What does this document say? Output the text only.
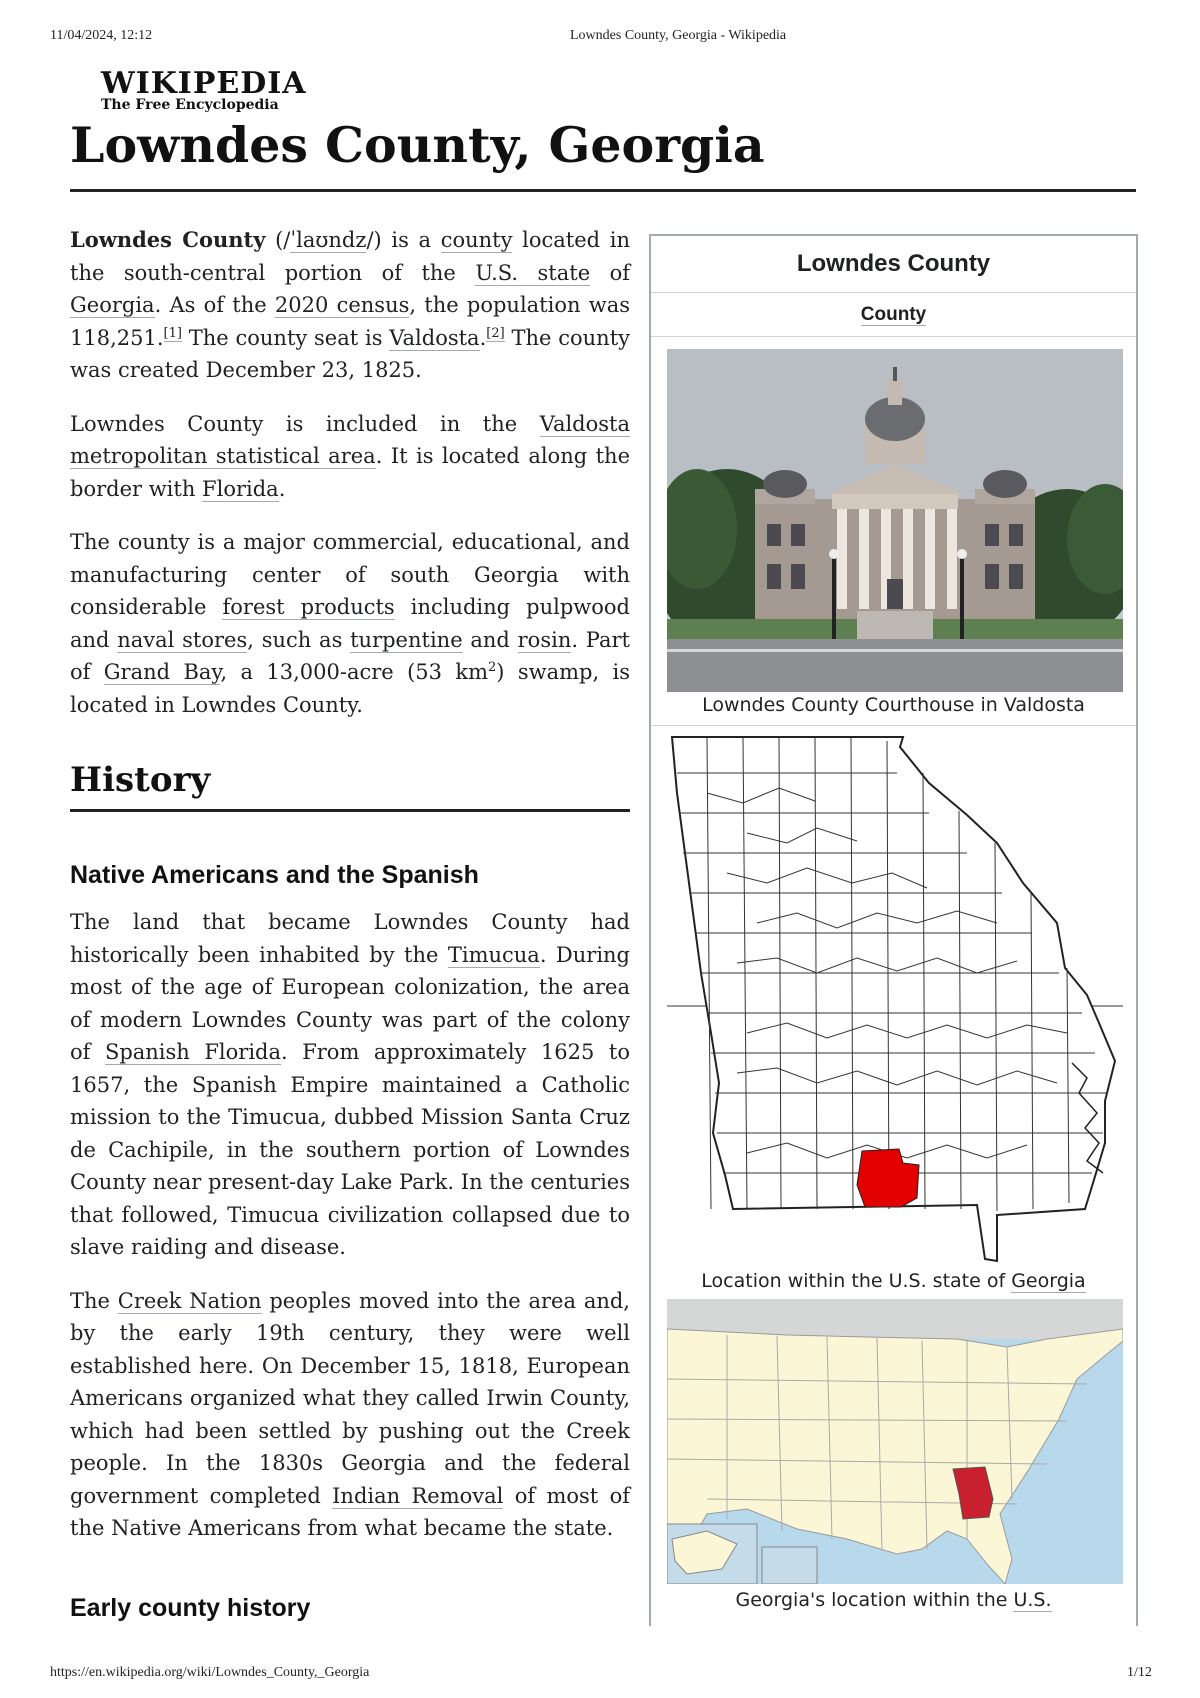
11/04/2024, 12:12	Lowndes County, Georgia - Wikipedia
https://en.wikipedia.org/wiki/Lowndes_County,_Georgia	1/12
WIKIPEDIA
The Free Encyclopedia
Lowndes County, Georgia

Lowndes County (/ˈlaʊndz/) is a county located in the south-central portion of the U.S. state of Georgia. As of the 2020 census, the population was 118,251.[1] The county seat is Valdosta.[2] The county was created December 23, 1825.

Lowndes County is included in the Valdosta metropolitan statistical area. It is located along the border with Florida.

The county is a major commercial, educational, and manufacturing center of south Georgia with considerable forest products including pulpwood and naval stores, such as turpentine and rosin. Part of Grand Bay, a 13,000-acre (53 $km^2$) swamp, is located in Lowndes County.

History
Native Americans and the Spanish

The land that became Lowndes County had historically been inhabited by the Timucua. During most of the age of European colonization, the area of modern Lowndes County was part of the colony of Spanish Florida. From approximately 1625 to 1657, the Spanish Empire maintained a Catholic mission to the Timucua, dubbed Mission Santa Cruz de Cachipile, in the southern portion of Lowndes County near present-day Lake Park. In the centuries that followed, Timucua civilization collapsed due to slave raiding and disease.

The Creek Nation peoples moved into the area and, by the early 19th century, they were well established here. On December 15, 1818, European Americans organized what they called Irwin County, which had been settled by pushing out the Creek people. In the 1830s Georgia and the federal government completed Indian Removal of most of the Native Americans from what became the state.

Early county history
Lowndes County
County
Lowndes County Courthouse in Valdosta
Location within the U.S. state of Georgia
Georgia's location within the U.S.
